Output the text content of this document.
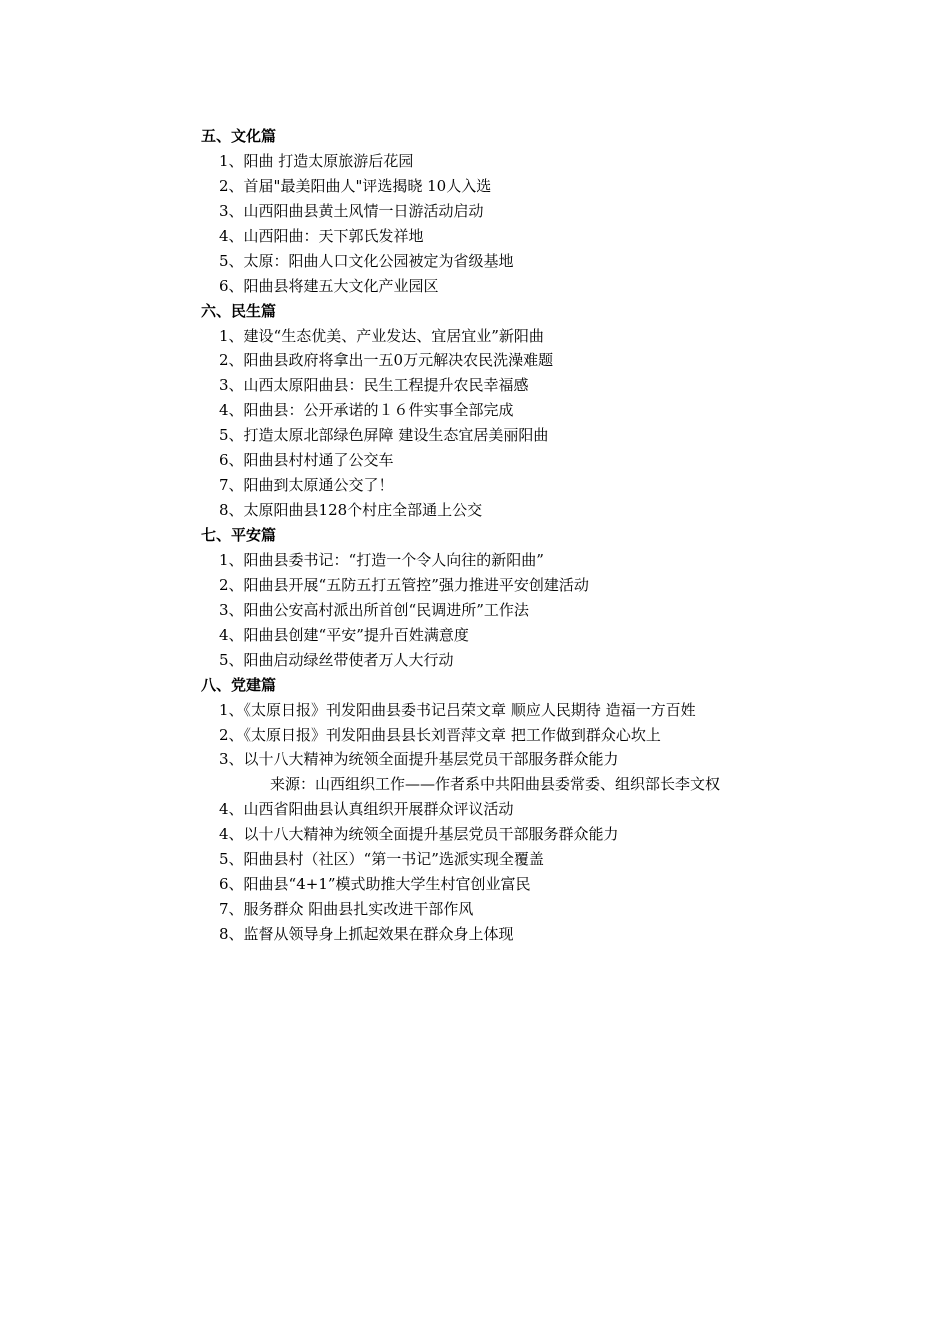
五、文化篇
1、阳曲 打造太原旅游后花园
2、首届"最美阳曲人"评选揭晓 10人入选
3、山西阳曲县黄土风情一日游活动启动
4、山西阳曲：天下郭氏发祥地
5、太原：阳曲人口文化公园被定为省级基地
6、阳曲县将建五大文化产业园区
六、民生篇
1、建设“生态优美、产业发达、宜居宜业”新阳曲
2、阳曲县政府将拿出一五0万元解决农民洗澡难题
3、山西太原阳曲县：民生工程提升农民幸福感
4、阳曲县：公开承诺的１６件实事全部完成
5、打造太原北部绿色屏障 建设生态宜居美丽阳曲
6、阳曲县村村通了公交车
7、阳曲到太原通公交了！
8、太原阳曲县128个村庄全部通上公交
七、平安篇
1、阳曲县委书记：“打造一个令人向往的新阳曲”
2、阳曲县开展“五防五打五管控”强力推进平安创建活动
3、阳曲公安高村派出所首创“民调进所”工作法
4、阳曲县创建“平安”提升百姓满意度
5、阳曲启动绿丝带使者万人大行动
八、党建篇
1、《太原日报》刊发阳曲县委书记吕荣文章 顺应人民期待 造福一方百姓
2、《太原日报》刊发阳曲县县长刘晋萍文章 把工作做到群众心坎上
3、以十八大精神为统领全面提升基层党员干部服务群众能力
来源：山西组织工作——作者系中共阳曲县委常委、组织部长李文权
4、山西省阳曲县认真组织开展群众评议活动
4、以十八大精神为统领全面提升基层党员干部服务群众能力
5、阳曲县村（社区）“第一书记”选派实现全覆盖
6、阳曲县“4+1”模式助推大学生村官创业富民
7、服务群众 阳曲县扎实改进干部作风
8、监督从领导身上抓起效果在群众身上体现
